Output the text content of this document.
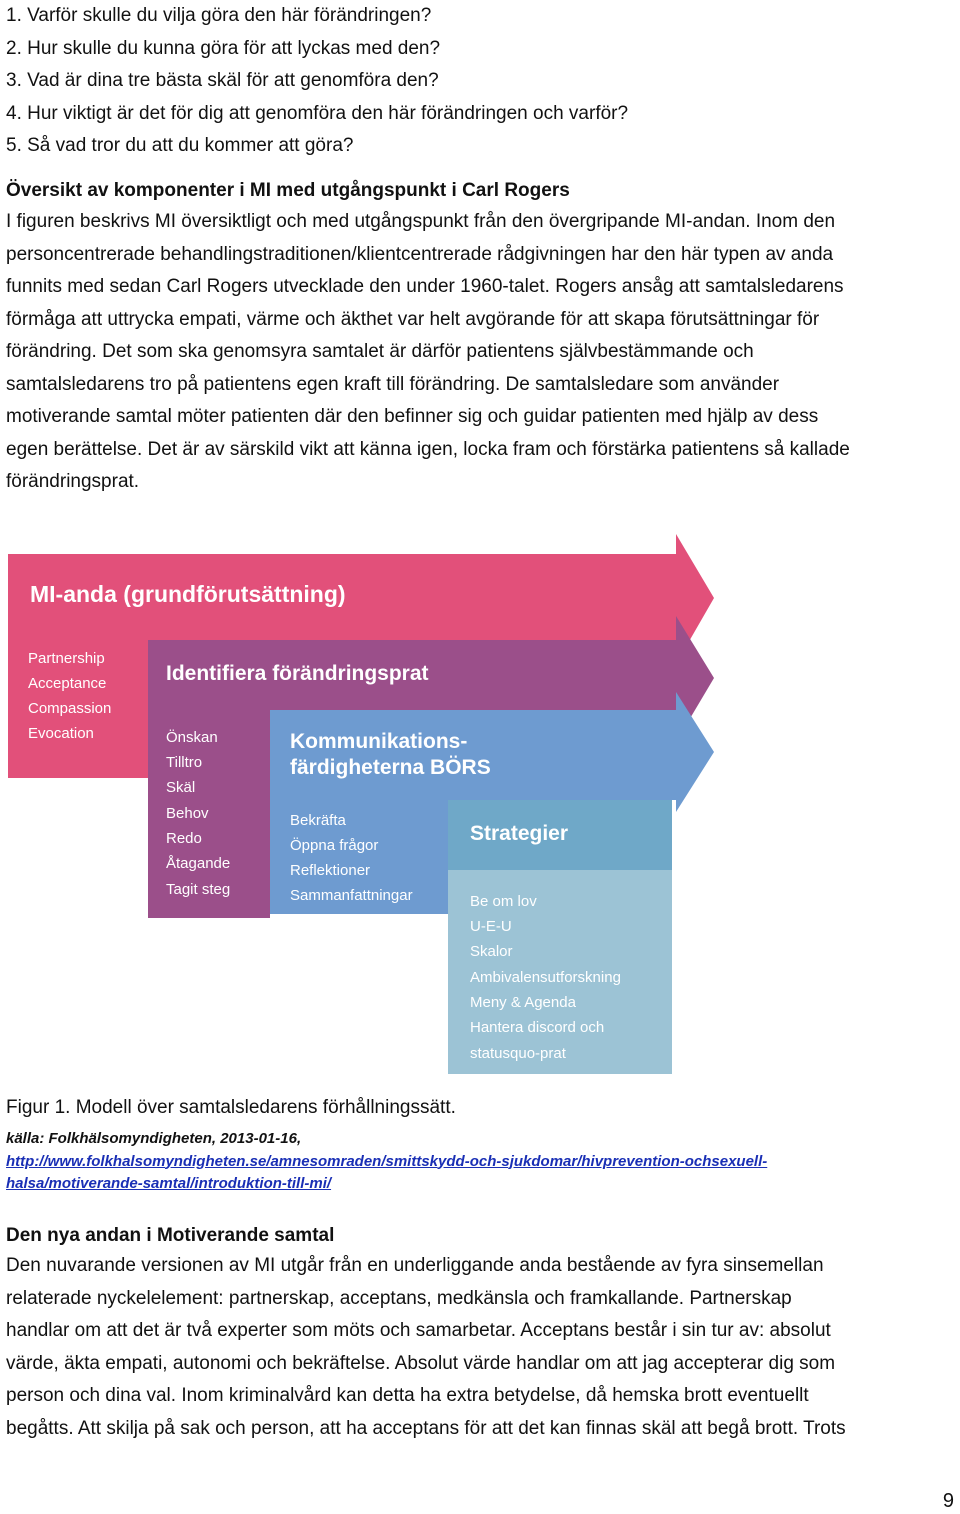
1. Varför skulle du vilja göra den här förändringen?
2. Hur skulle du kunna göra för att lyckas med den?
3. Vad är dina tre bästa skäl för att genomföra den?
4. Hur viktigt är det för dig att genomföra den här förändringen och varför?
5. Så vad tror du att du kommer att göra?
Översikt av komponenter i MI med utgångspunkt i Carl Rogers
I figuren beskrivs MI översiktligt och med utgångspunkt från den övergripande MI-andan. Inom den
personcentrerade behandlingstraditionen/klientcentrerade rådgivningen har den här typen av anda
funnits med sedan Carl Rogers utvecklade den under 1960-talet. Rogers ansåg att samtalsledarens
förmåga att uttrycka empati, värme och äkthet var helt avgörande för att skapa förutsättningar för
förändring. Det som ska genomsyra samtalet är därför patientens självbestämmande och
samtalsledarens tro på patientens egen kraft till förändring. De samtalsledare som använder
motiverande samtal möter patienten där den befinner sig och guidar patienten med hjälp av dess
egen berättelse. Det är av särskild vikt att känna igen, locka fram och förstärka patientens så kallade
förändringsprat.
MI-anda (grundförutsättning)
Partnership
Acceptance
Compassion
Evocation
Identifiera förändringsprat
Önskan
Tilltro
Skäl
Behov
Redo
Åtagande
Tagit steg
Kommunikations-
färdigheterna BÖRS
Bekräfta
Öppna frågor
Reflektioner
Sammanfattningar
Strategier
Be om lov
U-E-U
Skalor
Ambivalensutforskning
Meny & Agenda
Hantera discord och
statusquo-prat
Figur 1. Modell över samtalsledarens förhållningssätt.
källa: Folkhälsomyndigheten, 2013-01-16,
http://www.folkhalsomyndigheten.se/amnesomraden/smittskydd-och-sjukdomar/hivprevention-ochsexuell-
halsa/motiverande-samtal/introduktion-till-mi/
Den nya andan i Motiverande samtal
Den nuvarande versionen av MI utgår från en underliggande anda bestående av fyra sinsemellan
relaterade nyckelelement: partnerskap, acceptans, medkänsla och framkallande. Partnerskap
handlar om att det är två experter som möts och samarbetar. Acceptans består i sin tur av: absolut
värde, äkta empati, autonomi och bekräftelse. Absolut värde handlar om att jag accepterar dig som
person och dina val. Inom kriminalvård kan detta ha extra betydelse, då hemska brott eventuellt
begåtts. Att skilja på sak och person, att ha acceptans för att det kan finnas skäl att begå brott. Trots
9
